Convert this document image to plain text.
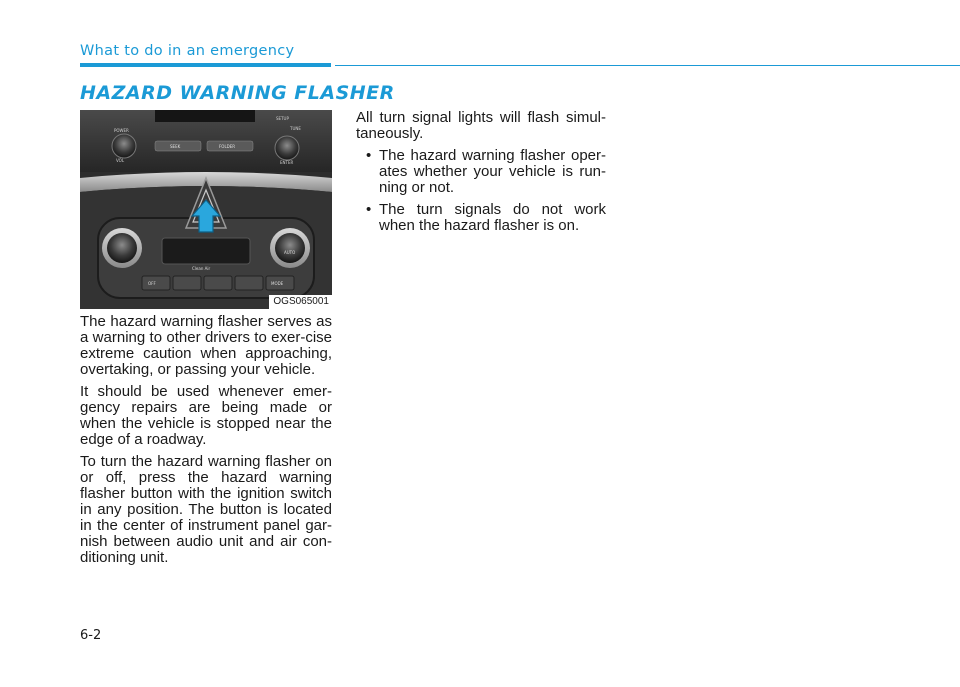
What to do in an emergency
HAZARD WARNING FLASHER
POWER
SETUP
TUNE
VOL	ENTER
SEEK	FOLDER
AUTO
Clean Air
OFF	MODE
OGS065001

The hazard warning flasher serves as a warning to other drivers to exer-cise extreme caution when approaching, overtaking, or passing your vehicle.

It should be used whenever emer-gency repairs are being made or when the vehicle is stopped near the edge of a roadway.

To turn the hazard warning flasher on or off, press the hazard warning flasher button with the ignition switch in any position. The button is located in the center of instrument panel gar-nish between audio unit and air con-ditioning unit.

All turn signal lights will flash simul-taneously.

• The hazard warning flasher oper-ates whether your vehicle is run-ning or not.
• The turn signals do not work when the hazard flasher is on.
6-2
